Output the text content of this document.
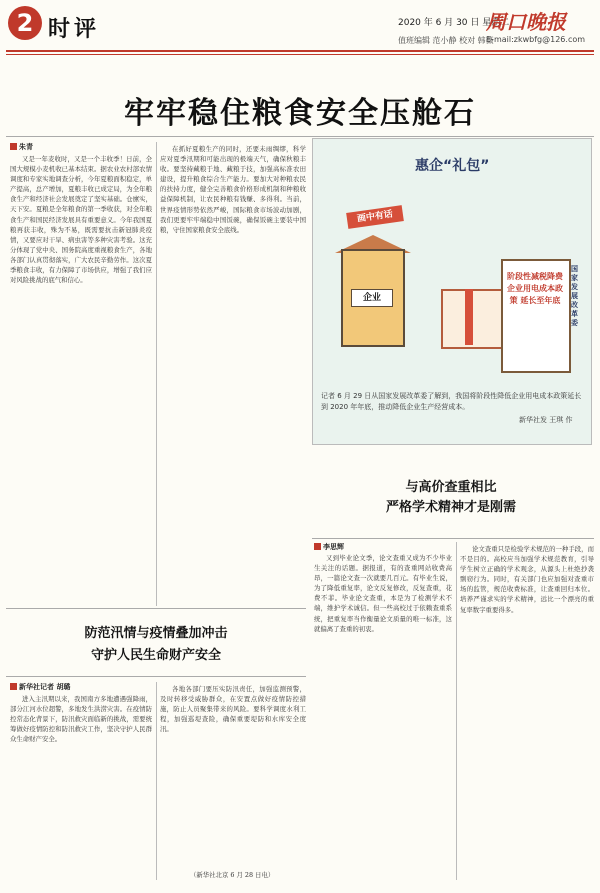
2 时评	2020 年 6 月 30 日 星期二
周口晚报
值班编辑 范小静 校对 韩薇
E-mail:zkwbfg@126.com
牢牢稳住粮食安全压舱石
朱青
又是一年麦收时，又是一个丰收季！日前，全国大规模小麦机收已基本结束。据农业农村部农情调度和专家实地调查分析，今年夏粮面积稳定，单产提高，总产增加，夏粮丰收已成定局，为全年粮食生产和经济社会发展奠定了坚实基础。仓廪实，天下安。夏粮是全年粮食的第一季收获，对全年粮食生产和国民经济发展具有重要意义。今年我国夏粮再获丰收，殊为不易，既需要抗击新冠肺炎疫情，又要应对干旱、病虫害等多种灾害考验。这充分体现了党中央、国务院高度重视粮食生产，各地各部门认真贯彻落实，广大农民辛勤劳作。这次夏季粮食丰收，有力保障了市场供应，增强了我们应对风险挑战的底气和信心。
在抓好夏粮生产的同时，还要未雨绸缪，科学应对夏季汛期和可能出现的极端天气，确保秋粮丰收。要坚持藏粮于地、藏粮于技，加强高标准农田建设，提升粮食综合生产能力。要加大对种粮农民的扶持力度，健全完善粮食价格形成机制和种粮收益保障机制，让农民种粮有钱赚、多得利。当前，世界疫情形势依然严峻，国际粮食市场波动加剧，我们更要牢牢端稳中国饭碗，确保饭碗主要装中国粮，守住国家粮食安全底线。
惠企“礼包”
画中有话
企业
阶段性减税降费 企业用电成本政策 延长至年底
国家发展改革委
记者 6 月 29 日从国家发展改革委了解到，我国将阶段性降低企业用电成本政策延长到 2020 年年底，推动降低企业生产经营成本。
新华社发 王琪 作
与高价查重相比
严格学术精神才是刚需
李思辉
又到毕业论文季，论文查重又成为不少毕业生关注的话题。据报道，有的查重网站收费高昂，一篇论文查一次就要几百元。有毕业生说，为了降低重复率，论文反复修改，反复查重，花费不菲。毕业论文查重，本是为了检测学术不端，维护学术诚信。但一些高校过于依赖查重系统，把重复率当作衡量论文质量的唯一标准，这就偏离了查重的初衷。
论文查重只是检验学术规范的一种手段，而不是目的。高校应当加强学术规范教育，引导学生树立正确的学术观念，从源头上杜绝抄袭剽窃行为。同时，有关部门也应加强对查重市场的监管，规范收费标准，让查重回归本位。培养严谨求实的学术精神，远比一个漂亮的重复率数字重要得多。
防范汛情与疫情叠加冲击
守护人民生命财产安全
新华社记者 胡璐
进入主汛期以来，我国南方多地遭遇强降雨，部分江河水位超警，多地发生洪涝灾害。在疫情防控常态化背景下，防汛救灾面临新的挑战，需要统筹做好疫情防控和防汛救灾工作，坚决守护人民群众生命财产安全。
各地各部门要压实防汛责任，加强监测预警，及时转移受威胁群众，在安置点做好疫情防控措施，防止人员聚集带来的风险。要科学调度水利工程，加强巡堤查险，确保重要堤防和水库安全度汛。
（新华社北京 6 月 28 日电）
